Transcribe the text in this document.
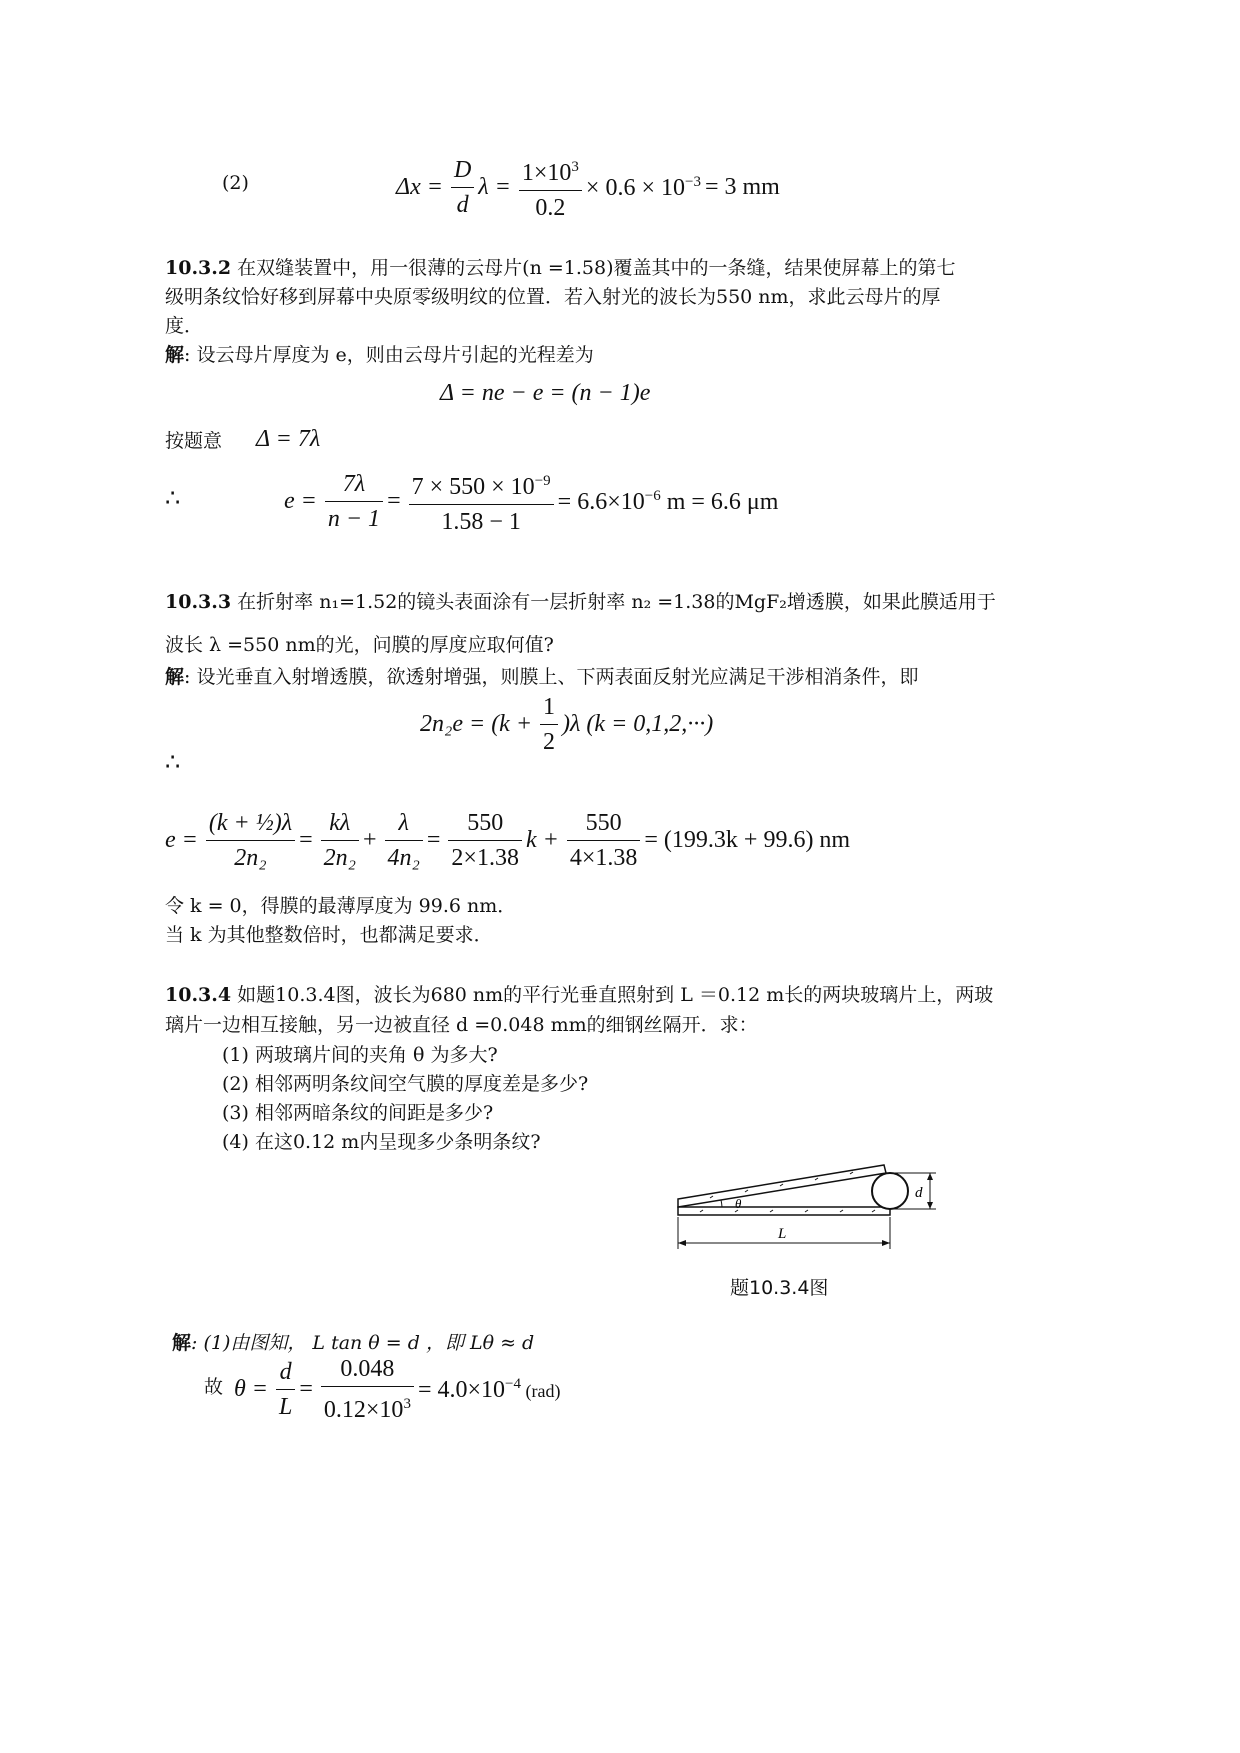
(2)	$\Delta x = \frac{D}{d}$ $\lambda = \frac{1\times 10^3}{0.2} \times 0.6 \times 10^{-3} = 3$ mm
10.3.2 在双缝装置中，用一很薄的云母片(n =1.58)覆盖其中的一条缝，结果使屏幕上的第七
级明条纹恰好移到屏幕中央原零级明纹的位置．若入射光的波长为550 nm，求此云母片的厚
度．
解: 设云母片厚度为 e，则由云母片引起的光程差为
Δ = ne − e = (n − 1)e
按题意 Δ = 7λ
∴	$e = \frac{7\lambda}{n - 1} = \frac{7 \times 550 \times 10^{-9}}{1.58 - 1} = 6.6\times 10^{-6}$ m = 6.6 μm
10.3.3 在折射率 n₁=1.52的镜头表面涂有一层折射率 n₂ =1.38的MgF₂增透膜，如果此膜适用于
波长 λ =550 nm的光，问膜的厚度应取何值?
解: 设光垂直入射增透膜，欲透射增强，则膜上、下两表面反射光应满足干涉相消条件，即
$2n_2e = (k + \frac{1}{2} )\lambda$ (k = 0,1,2,···)
∴
$e = \frac{\text{(k + ½)λ}}{\text{2n₂}} = \frac{k\lambda}{\text{2n₂}} + \frac{\lambda}{\text{4n₂}} = \frac{550}{2\times 1.38}$ $k + \frac{550}{4\times 1.38} = (199.3k + 99.6)$ nm
令 k = 0，得膜的最薄厚度为 99.6 nm．
当 k 为其他整数倍时，也都满足要求．
10.3.4 如题10.3.4图，波长为680 nm的平行光垂直照射到 L ＝0.12 m长的两块玻璃片上，两玻
璃片一边相互接触，另一边被直径 d =0.048 mm的细钢丝隔开．求：
(1) 两玻璃片间的夹角 θ 为多大?
(2) 相邻两明条纹间空气膜的厚度差是多少?
(3) 相邻两暗条纹的间距是多少?
(4) 在这0.12 m内呈现多少条明条纹?
θ
d
L
题10.3.4图
解: (1)由图知， L tan θ = d ，即 Lθ ≈ d
故 $\theta = \frac{d}{L} = \frac{0.048}{0.12\times 10^3} = 4.0\times 10^{-4}$ (rad)
